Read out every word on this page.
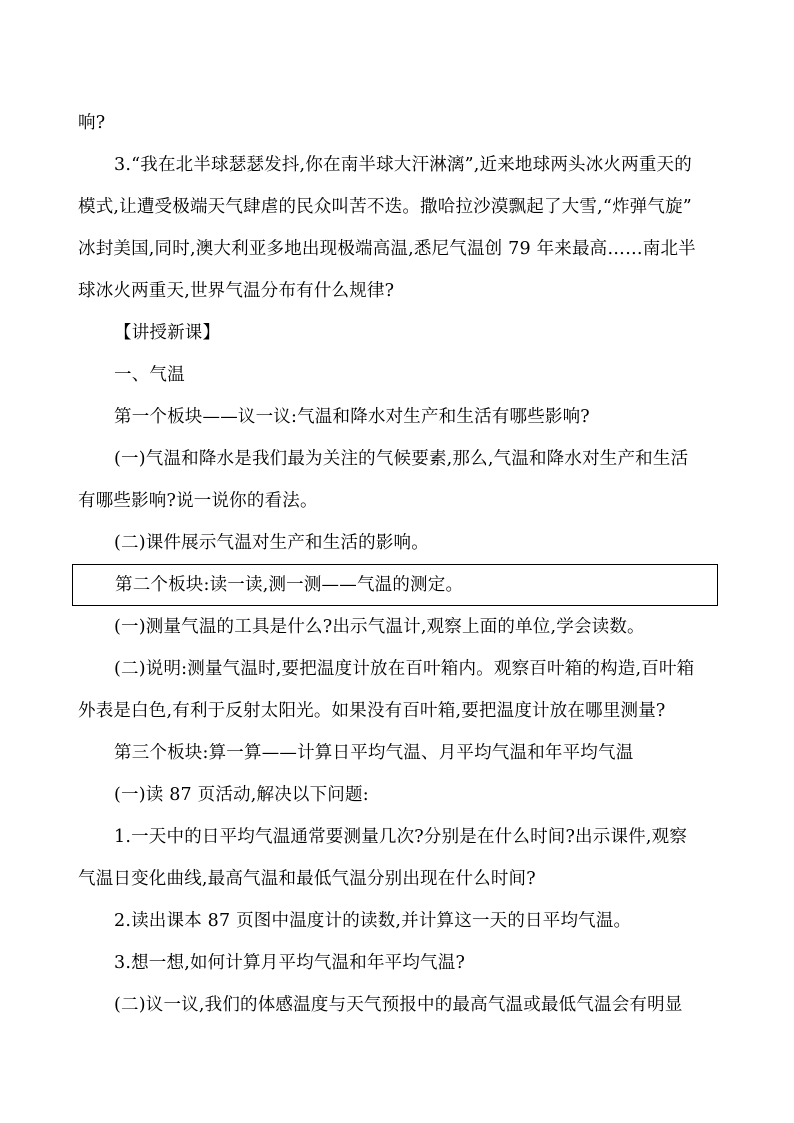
响?
3.“我在北半球瑟瑟发抖,你在南半球大汗淋漓”,近来地球两头冰火两重天的
模式,让遭受极端天气肆虐的民众叫苦不迭。撒哈拉沙漠飘起了大雪,“炸弹气旋”
冰封美国,同时,澳大利亚多地出现极端高温,悉尼气温创 79 年来最高……南北半
球冰火两重天,世界气温分布有什么规律?
【讲授新课】
一、气温
第一个板块——议一议:气温和降水对生产和生活有哪些影响?
(一)气温和降水是我们最为关注的气候要素,那么,气温和降水对生产和生活
有哪些影响?说一说你的看法。
(二)课件展示气温对生产和生活的影响。
第二个板块:读一读,测一测——气温的测定。
(一)测量气温的工具是什么?出示气温计,观察上面的单位,学会读数。
(二)说明:测量气温时,要把温度计放在百叶箱内。观察百叶箱的构造,百叶箱
外表是白色,有利于反射太阳光。如果没有百叶箱,要把温度计放在哪里测量?
第三个板块:算一算——计算日平均气温、月平均气温和年平均气温
(一)读 87 页活动,解决以下问题:
1.一天中的日平均气温通常要测量几次?分别是在什么时间?出示课件,观察
气温日变化曲线,最高气温和最低气温分别出现在什么时间?
2.读出课本 87 页图中温度计的读数,并计算这一天的日平均气温。
3.想一想,如何计算月平均气温和年平均气温?
(二)议一议,我们的体感温度与天气预报中的最高气温或最低气温会有明显
